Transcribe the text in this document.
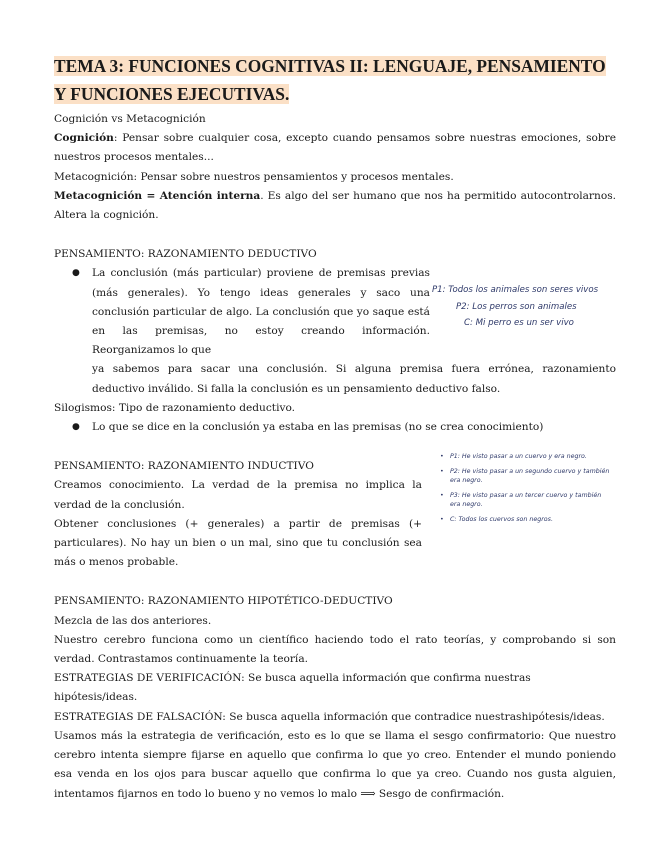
TEMA 3: FUNCIONES COGNITIVAS II: LENGUAJE, PENSAMIENTO Y FUNCIONES EJECUTIVAS.

Cognición vs Metacognición

Cognición: Pensar sobre cualquier cosa, excepto cuando pensamos sobre nuestras emociones, sobre nuestros procesos mentales...

Metacognición: Pensar sobre nuestros pensamientos y procesos mentales.

Metacognición = Atención interna. Es algo del ser humano que nos ha permitido autocontrolarnos. Altera la cognición.

PENSAMIENTO: RAZONAMIENTO DEDUCTIVO

● La conclusión (más particular) proviene de premisas previas (más generales). Yo tengo ideas generales y saco una conclusión particular de algo. La conclusión que yo saque está en las premisas, no estoy creando información. Reorganizamos lo que
ya sabemos para sacar una conclusión. Si alguna premisa fuera errónea, razonamiento deductivo inválido. Si falla la conclusión es un pensamiento deductivo falso.

Silogismos: Tipo de razonamiento deductivo.

● Lo que se dice en la conclusión ya estaba en las premisas (no se crea conocimiento)

PENSAMIENTO: RAZONAMIENTO INDUCTIVO

Creamos conocimiento. La verdad de la premisa no implica la verdad de la conclusión.

Obtener conclusiones (+ generales) a partir de premisas (+ particulares). No hay un bien o un mal, sino que tu conclusión sea más o menos probable.

PENSAMIENTO: RAZONAMIENTO HIPOTÉTICO-DEDUCTIVO

Mezcla de las dos anteriores.

Nuestro cerebro funciona como un científico haciendo todo el rato teorías, y comprobando si son verdad. Contrastamos continuamente la teoría.

ESTRATEGIAS DE VERIFICACIÓN: Se busca aquella información que confirma nuestras hipótesis/ideas.

ESTRATEGIAS DE FALSACIÓN: Se busca aquella información que contradice nuestrashipótesis/ideas.

Usamos más la estrategia de verificación, esto es lo que se llama el sesgo confirmatorio: Que nuestro cerebro intenta siempre fijarse en aquello que confirma lo que yo creo. Entender el mundo poniendo esa venda en los ojos para buscar aquello que confirma lo que ya creo. Cuando nos gusta alguien, intentamos fijarnos en todo lo bueno y no vemos lo malo ⟹ Sesgo de confirmación.

P1: Todos los animales son seres vivos
P2: Los perros son animales
C: Mi perro es un ser vivo
• P1: He visto pasar a un cuervo y era negro.
• P2: He visto pasar a un segundo cuervo y también era negro.
• P3: He visto pasar a un tercer cuervo y también era negro.
• C: Todos los cuervos son negros.
